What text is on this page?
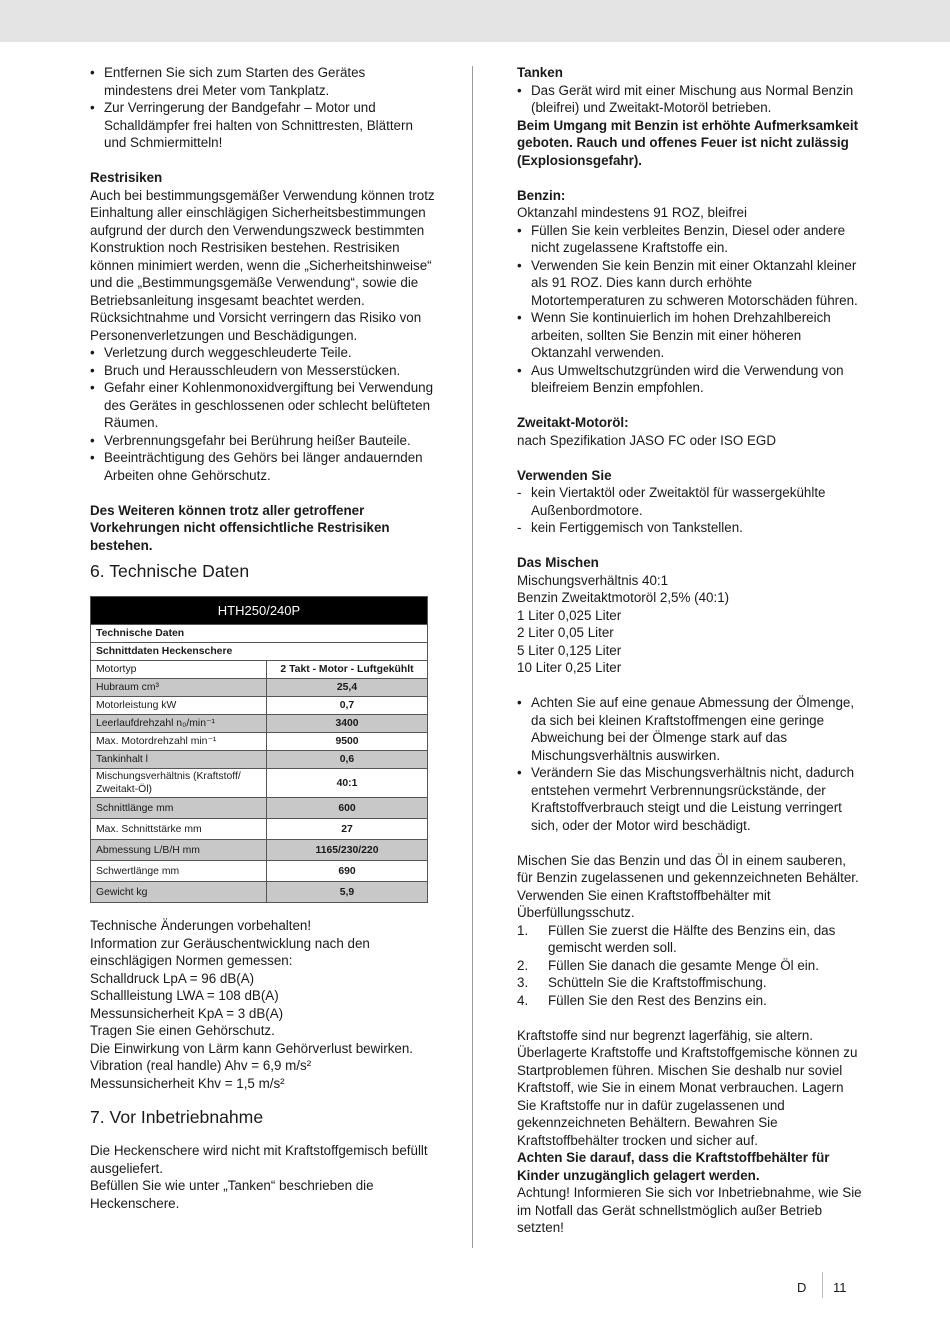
• Entfernen Sie sich zum Starten des Gerätes mindestens drei Meter vom Tankplatz.
• Zur Verringerung der Bandgefahr – Motor und Schalldämpfer frei halten von Schnittresten, Blättern und Schmiermitteln!
Restrisiken

Auch bei bestimmungsgemäßer Verwendung können trotz Einhaltung aller einschlägigen Sicherheitsbestimmungen aufgrund der durch den Verwendungszweck bestimmten Konstruktion noch Restrisiken bestehen. Restrisiken können minimiert werden, wenn die „Sicherheitshinweise“ und die „Bestimmungsgemäße Verwendung“, sowie die Betriebsanleitung insgesamt beachtet werden. Rücksichtnahme und Vorsicht verringern das Risiko von Personenverletzungen und Beschädigungen.

• Verletzung durch weggeschleuderte Teile.
• Bruch und Herausschleudern von Messerstücken.
• Gefahr einer Kohlenmonoxidvergiftung bei Verwendung des Gerätes in geschlossenen oder schlecht belüfteten Räumen.
• Verbrennungsgefahr bei Berührung heißer Bauteile.
• Beeinträchtigung des Gehörs bei länger andauernden Arbeiten ohne Gehörschutz.

Des Weiteren können trotz aller getroffener Vorkehrungen nicht offensichtliche Restrisiken bestehen.

6. Technische Daten
HTH250/240P	
Technische Daten	
Schnittdaten Heckenschere	
Motortyp	2 Takt - Motor - Luftgekühlt
Hubraum cm³	25,4
Motorleistung kW	0,7
Leerlaufdrehzahl n₀/min⁻¹	3400
Max. Motordrehzahl min⁻¹	9500
Tankinhalt l	0,6
Mischungsverhältnis (Kraftstoff/ Zweitakt-Öl)	40:1
Schnittlänge mm	600
Max. Schnittstärke mm	27
Abmessung L/B/H mm	1165/230/220
Schwertlänge mm	690
Gewicht kg	5,9
Technische Änderungen vorbehalten!
Information zur Geräuschentwicklung nach den einschlägigen Normen gemessen:
Schalldruck LpA = 96 dB(A)
Schallleistung LWA = 108 dB(A)
Messunsicherheit KpA = 3 dB(A)
Tragen Sie einen Gehörschutz.
Die Einwirkung von Lärm kann Gehörverlust bewirken.
Vibration (real handle) Ahv = 6,9 m/s²
Messunsicherheit Khv = 1,5 m/s²
7. Vor Inbetriebnahme

Die Heckenschere wird nicht mit Kraftstoffgemisch befüllt ausgeliefert.

Befüllen Sie wie unter „Tanken“ beschrieben die Heckenschere.

Tanken
• Das Gerät wird mit einer Mischung aus Normal Benzin (bleifrei) und Zweitakt-Motoröl betrieben.

Beim Umgang mit Benzin ist erhöhte Aufmerksamkeit geboten. Rauch und offenes Feuer ist nicht zulässig (Explosionsgefahr).

Benzin:
Oktanzahl mindestens 91 ROZ, bleifrei
• Füllen Sie kein verbleites Benzin, Diesel oder andere nicht zugelassene Kraftstoffe ein.
• Verwenden Sie kein Benzin mit einer Oktanzahl kleiner als 91 ROZ. Dies kann durch erhöhte Motortemperaturen zu schweren Motorschäden führen.
• Wenn Sie kontinuierlich im hohen Drehzahlbereich arbeiten, sollten Sie Benzin mit einer höheren Oktanzahl verwenden.
• Aus Umweltschutzgründen wird die Verwendung von bleifreiem Benzin empfohlen.
Zweitakt-Motoröl:
nach Spezifikation JASO FC oder ISO EGD
Verwenden Sie
- kein Viertaktöl oder Zweitaktöl für wassergekühlte Außenbordmotore.
- kein Fertiggemisch von Tankstellen.
Das Mischen
Mischungsverhältnis 40:1
Benzin Zweitaktmotoröl 2,5% (40:1)
1 Liter 0,025 Liter
2 Liter 0,05 Liter
5 Liter 0,125 Liter
10 Liter 0,25 Liter
• Achten Sie auf eine genaue Abmessung der Ölmenge, da sich bei kleinen Kraftstoffmengen eine geringe Abweichung bei der Ölmenge stark auf das Mischungsverhältnis auswirken.
• Verändern Sie das Mischungsverhältnis nicht, dadurch entstehen vermehrt Verbrennungsrückstände, der Kraftstoffverbrauch steigt und die Leistung verringert sich, oder der Motor wird beschädigt.

Mischen Sie das Benzin und das Öl in einem sauberen, für Benzin zugelassenen und gekennzeichneten Behälter. Verwenden Sie einen Kraftstoffbehälter mit Überfüllungsschutz.

1. Füllen Sie zuerst die Hälfte des Benzins ein, das gemischt werden soll.
2. Füllen Sie danach die gesamte Menge Öl ein.
3. Schütteln Sie die Kraftstoffmischung.
4. Füllen Sie den Rest des Benzins ein.

Kraftstoffe sind nur begrenzt lagerfähig, sie altern. Überlagerte Kraftstoffe und Kraftstoffgemische können zu Startproblemen führen. Mischen Sie deshalb nur soviel Kraftstoff, wie Sie in einem Monat verbrauchen. Lagern Sie Kraftstoffe nur in dafür zugelassenen und gekennzeichneten Behältern. Bewahren Sie Kraftstoffbehälter trocken und sicher auf.

Achten Sie darauf, dass die Kraftstoffbehälter für Kinder unzugänglich gelagert werden.

Achtung! Informieren Sie sich vor Inbetriebnahme, wie Sie im Notfall das Gerät schnellstmöglich außer Betrieb setzten!

D 11
